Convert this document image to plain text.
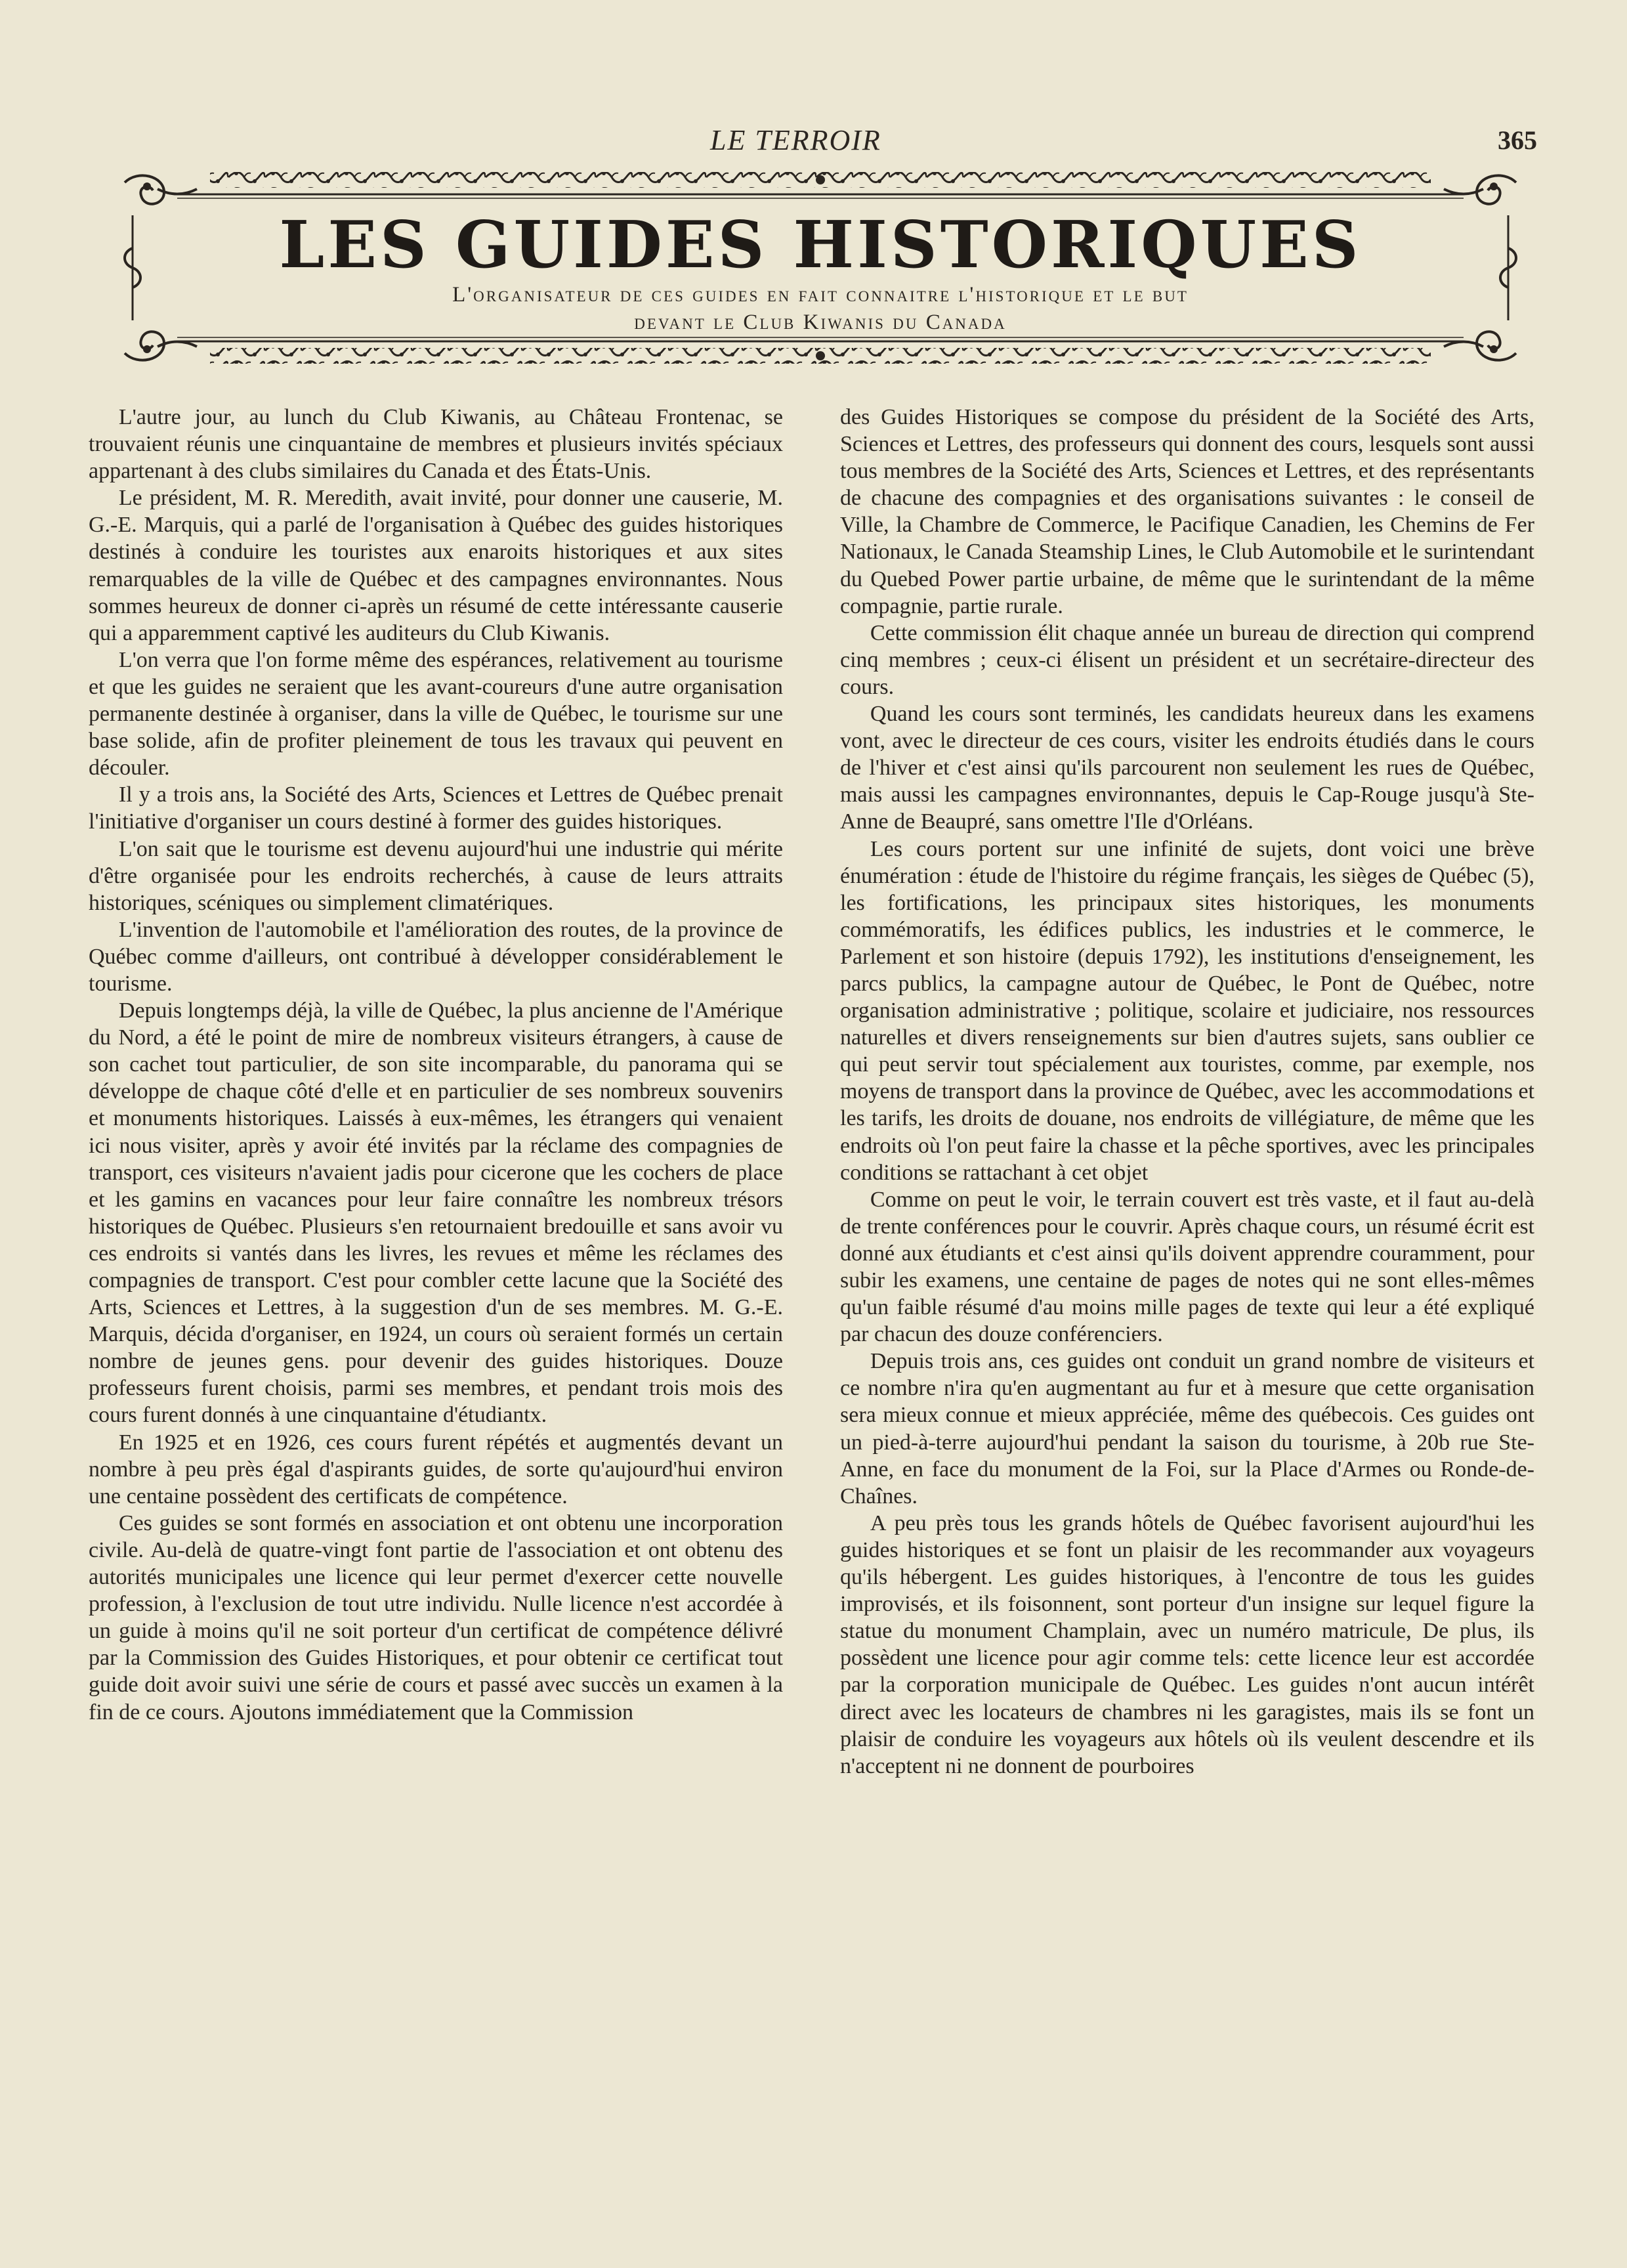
LE TERROIR	365
LES GUIDES HISTORIQUES
L'organisateur de ces guides en fait connaitre l'historique et le but
devant le Club Kiwanis du Canada

L'autre jour, au lunch du Club Kiwanis, au Château Frontenac, se trouvaient réunis une cinquantaine de membres et plusieurs invités spéciaux appartenant à des clubs similaires du Canada et des États-Unis.

Le président, M. R. Meredith, avait invité, pour donner une causerie, M. G.-E. Marquis, qui a parlé de l'organisation à Québec des guides historiques destinés à conduire les touristes aux enaroits historiques et aux sites remarquables de la ville de Québec et des campagnes environnantes. Nous sommes heureux de donner ci-après un résumé de cette intéressante causerie qui a apparemment captivé les auditeurs du Club Kiwanis.

L'on verra que l'on forme même des espérances, relativement au tourisme et que les guides ne seraient que les avant-coureurs d'une autre organisation permanente destinée à organiser, dans la ville de Québec, le tourisme sur une base solide, afin de profiter pleinement de tous les travaux qui peuvent en découler.

Il y a trois ans, la Société des Arts, Sciences et Lettres de Québec prenait l'initiative d'organiser un cours destiné à former des guides historiques.

L'on sait que le tourisme est devenu aujourd'hui une industrie qui mérite d'être organisée pour les endroits recherchés, à cause de leurs attraits historiques, scéniques ou simplement climatériques.

L'invention de l'automobile et l'amélioration des routes, de la province de Québec comme d'ailleurs, ont contribué à développer considérablement le tourisme.

Depuis longtemps déjà, la ville de Québec, la plus ancienne de l'Amérique du Nord, a été le point de mire de nombreux visiteurs étrangers, à cause de son cachet tout particulier, de son site incomparable, du panorama qui se développe de chaque côté d'elle et en particulier de ses nombreux souvenirs et monuments historiques. Laissés à eux-mêmes, les étrangers qui venaient ici nous visiter, après y avoir été invités par la réclame des compagnies de transport, ces visiteurs n'avaient jadis pour cicerone que les cochers de place et les gamins en vacances pour leur faire connaître les nombreux trésors historiques de Québec. Plusieurs s'en retournaient bredouille et sans avoir vu ces endroits si vantés dans les livres, les revues et même les réclames des compagnies de transport. C'est pour combler cette lacune que la Société des Arts, Sciences et Lettres, à la suggestion d'un de ses membres. M. G.-E. Marquis, décida d'organiser, en 1924, un cours où seraient formés un certain nombre de jeunes gens. pour devenir des guides historiques. Douze professeurs furent choisis, parmi ses membres, et pendant trois mois des cours furent donnés à une cinquantaine d'étudiantx.

En 1925 et en 1926, ces cours furent répétés et augmentés devant un nombre à peu près égal d'aspirants guides, de sorte qu'aujourd'hui environ une centaine possèdent des certificats de compétence.

Ces guides se sont formés en association et ont obtenu une incorporation civile. Au-delà de quatre-vingt font partie de l'association et ont obtenu des autorités municipales une licence qui leur permet d'exercer cette nouvelle profession, à l'exclusion de tout utre individu. Nulle licence n'est accordée à un guide à moins qu'il ne soit porteur d'un certificat de compétence délivré par la Commission des Guides Historiques, et pour obtenir ce certificat tout guide doit avoir suivi une série de cours et passé avec succès un examen à la fin de ce cours. Ajoutons immédiatement que la Commission

des Guides Historiques se compose du président de la Société des Arts, Sciences et Lettres, des professeurs qui donnent des cours, lesquels sont aussi tous membres de la Société des Arts, Sciences et Lettres, et des représentants de chacune des compagnies et des organisations suivantes : le conseil de Ville, la Chambre de Commerce, le Pacifique Canadien, les Chemins de Fer Nationaux, le Canada Steamship Lines, le Club Automobile et le surintendant du Quebed Power partie urbaine, de même que le surintendant de la même compagnie, partie rurale.

Cette commission élit chaque année un bureau de direction qui comprend cinq membres ; ceux-ci élisent un président et un secrétaire-directeur des cours.

Quand les cours sont terminés, les candidats heureux dans les examens vont, avec le directeur de ces cours, visiter les endroits étudiés dans le cours de l'hiver et c'est ainsi qu'ils parcourent non seulement les rues de Québec, mais aussi les campagnes environnantes, depuis le Cap-Rouge jusqu'à Ste-Anne de Beaupré, sans omettre l'Ile d'Orléans.

Les cours portent sur une infinité de sujets, dont voici une brève énumération : étude de l'histoire du régime français, les sièges de Québec (5), les fortifications, les principaux sites historiques, les monuments commémoratifs, les édifices publics, les industries et le commerce, le Parlement et son histoire (depuis 1792), les institutions d'enseignement, les parcs publics, la campagne autour de Québec, le Pont de Québec, notre organisation administrative ; politique, scolaire et judiciaire, nos ressources naturelles et divers renseignements sur bien d'autres sujets, sans oublier ce qui peut servir tout spécialement aux touristes, comme, par exemple, nos moyens de transport dans la province de Québec, avec les accommodations et les tarifs, les droits de douane, nos endroits de villégiature, de même que les endroits où l'on peut faire la chasse et la pêche sportives, avec les principales conditions se rattachant à cet objet

Comme on peut le voir, le terrain couvert est très vaste, et il faut au-delà de trente conférences pour le couvrir. Après chaque cours, un résumé écrit est donné aux étudiants et c'est ainsi qu'ils doivent apprendre couramment, pour subir les examens, une centaine de pages de notes qui ne sont elles-mêmes qu'un faible résumé d'au moins mille pages de texte qui leur a été expliqué par chacun des douze conférenciers.

Depuis trois ans, ces guides ont conduit un grand nombre de visiteurs et ce nombre n'ira qu'en augmentant au fur et à mesure que cette organisation sera mieux connue et mieux appréciée, même des québecois. Ces guides ont un pied-à-terre aujourd'hui pendant la saison du tourisme, à 20b rue Ste-Anne, en face du monument de la Foi, sur la Place d'Armes ou Ronde-de-Chaînes.

A peu près tous les grands hôtels de Québec favorisent aujourd'hui les guides historiques et se font un plaisir de les recommander aux voyageurs qu'ils hébergent. Les guides historiques, à l'encontre de tous les guides improvisés, et ils foisonnent, sont porteur d'un insigne sur lequel figure la statue du monument Champlain, avec un numéro matricule, De plus, ils possèdent une licence pour agir comme tels: cette licence leur est accordée par la corporation municipale de Québec. Les guides n'ont aucun intérêt direct avec les locateurs de chambres ni les garagistes, mais ils se font un plaisir de conduire les voyageurs aux hôtels où ils veulent descendre et ils n'acceptent ni ne donnent de pourboires
